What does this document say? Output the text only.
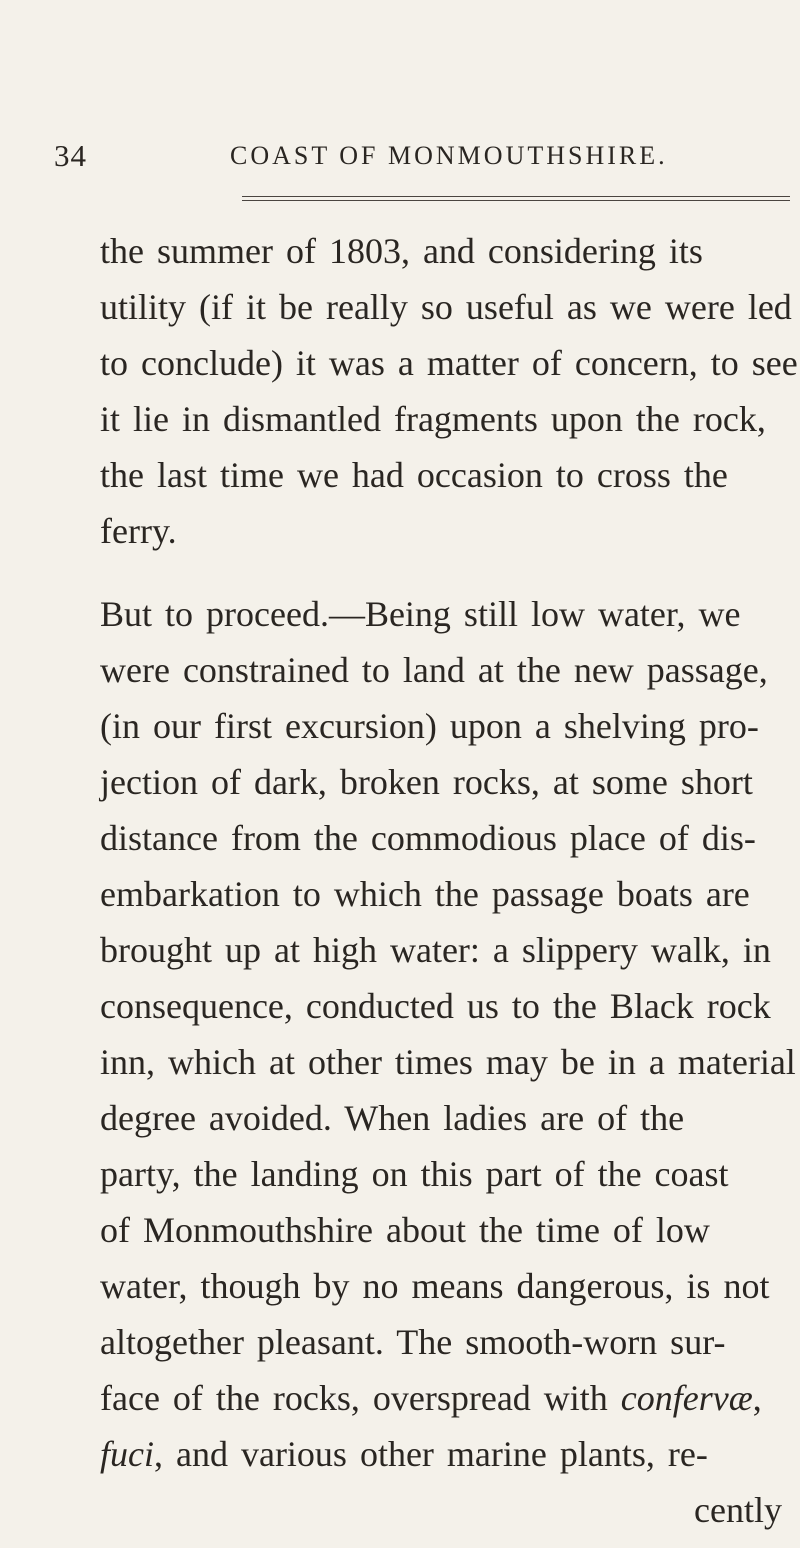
34	COAST OF MONMOUTHSHIRE.
the summer of 1803, and considering its
utility (if it be really so useful as we were led
to conclude) it was a matter of concern, to see
it lie in dismantled fragments upon the rock,
the last time we had occasion to cross the
ferry.
But to proceed.—Being still low water, we
were constrained to land at the new passage,
(in our first excursion) upon a shelving pro-
jection of dark, broken rocks, at some short
distance from the commodious place of dis-
embarkation to which the passage boats are
brought up at high water: a slippery walk, in
consequence, conducted us to the Black rock
inn, which at other times may be in a material
degree avoided. When ladies are of the
party, the landing on this part of the coast
of Monmouthshire about the time of low
water, though by no means dangerous, is not
altogether pleasant. The smooth-worn sur-
face of the rocks, overspread with confervæ,
fuci, and various other marine plants, re-
cently
